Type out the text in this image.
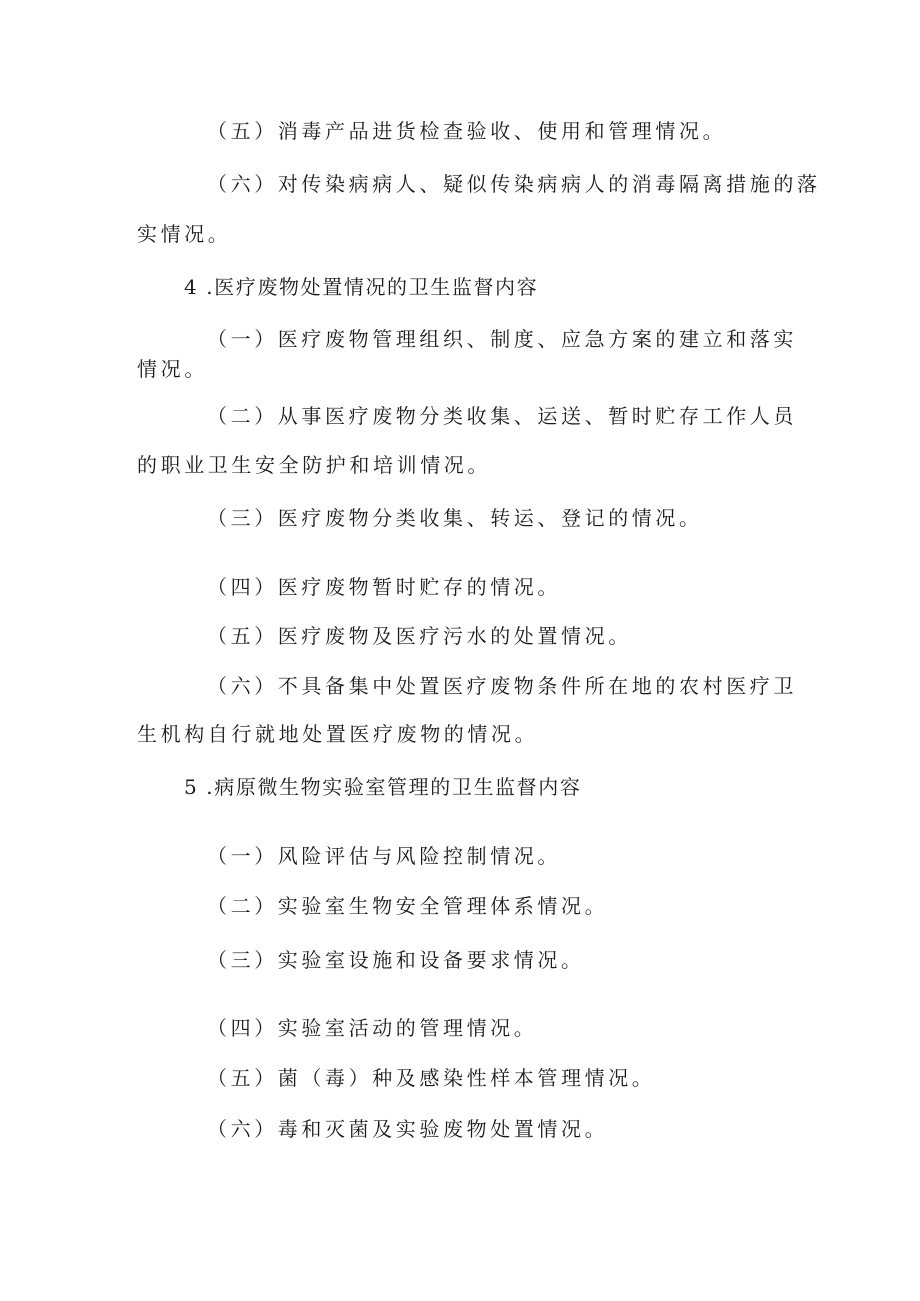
（五）消毒产品进货检查验收、使用和管理情况。

（六）对传染病病人、疑似传染病病人的消毒隔离措施的落

实情况。

4 .医疗废物处置情况的卫生监督内容

（一）医疗废物管理组织、制度、应急方案的建立和落实

情况。

（二）从事医疗废物分类收集、运送、暂时贮存工作人员

的职业卫生安全防护和培训情况。

（三）医疗废物分类收集、转运、登记的情况。

（四）医疗废物暂时贮存的情况。

（五）医疗废物及医疗污水的处置情况。

（六）不具备集中处置医疗废物条件所在地的农村医疗卫

生机构自行就地处置医疗废物的情况。

5 .病原微生物实验室管理的卫生监督内容

（一）风险评估与风险控制情况。

（二）实验室生物安全管理体系情况。

（三）实验室设施和设备要求情况。

（四）实验室活动的管理情况。

（五）菌（毒）种及感染性样本管理情况。

（六）毒和灭菌及实验废物处置情况。
